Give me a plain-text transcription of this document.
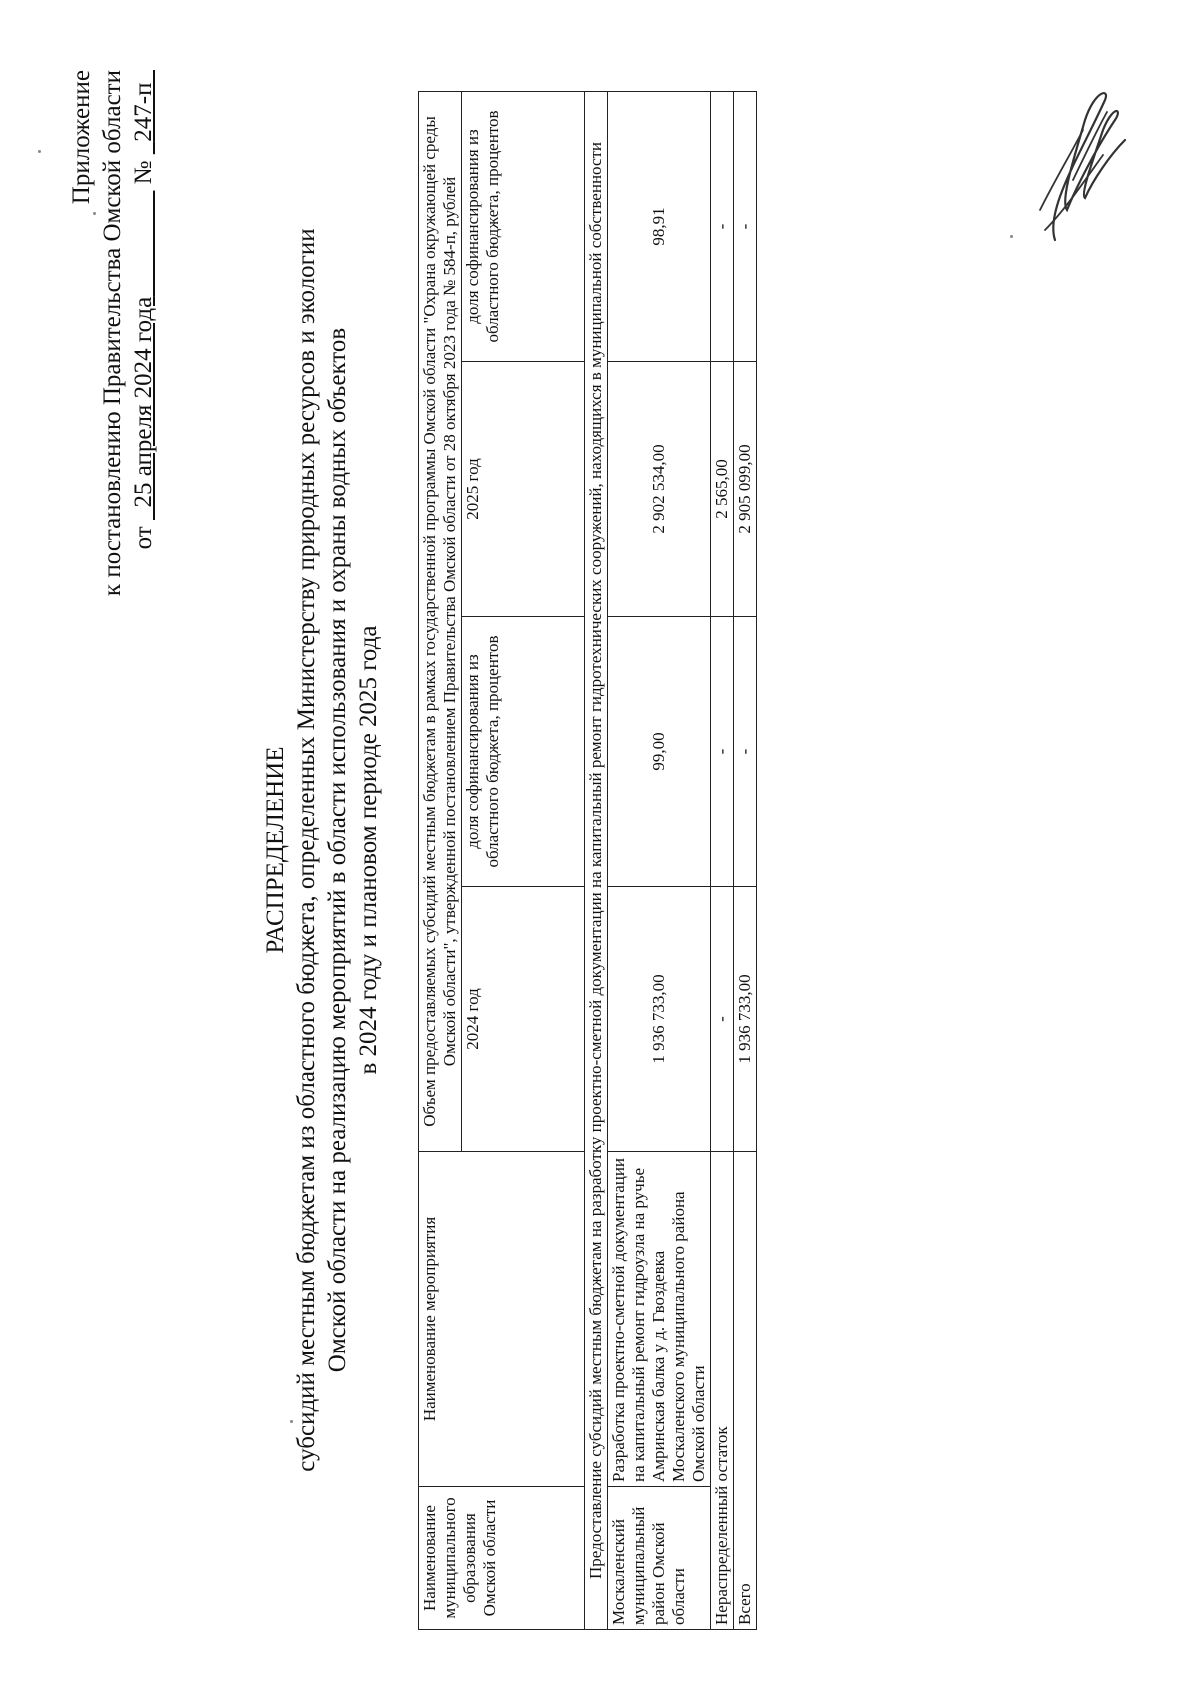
Приложение к постановлению Правительства Омской области от   25 апреля 2024 года                  №   247-п
РАСПРЕДЕЛЕНИЕ субсидий местным бюджетам из областного бюджета, определенных Министерству природных ресурсов и экологии Омской области на реализацию мероприятий в области использования и охраны водных объектов в 2024 году и плановом периоде 2025 года
Наименование муниципального образования Омской области	Наименование мероприятия	Объем предоставляемых субсидий местным бюджетам в рамках государственной программы Омской области "Охрана окружающей среды Омской области", утвержденной постановлением Правительства Омской области от 28 октября 2023 года № 584-п, рублей			
		2024 год	доля софинансирования из областного бюджета, процентов	2025 год	доля софинансирования из областного бюджета, процентов
Предоставление субсидий местным бюджетам на разработку проектно-сметной документации на капитальный ремонт гидротехнических сооружений, находящихся в муниципальной собственности					
Москаленский муниципальный район Омской области	Разработка проектно-сметной документации на капитальный ремонт гидроузла на ручье Амринская балка у д. Гвоздевка Москаленского муниципального района Омской области	1 936 733,00	99,00	2 902 534,00	98,91
Нераспределенный остаток		-	-	2 565,00	-
Всего		1 936 733,00	-	2 905 099,00	-
